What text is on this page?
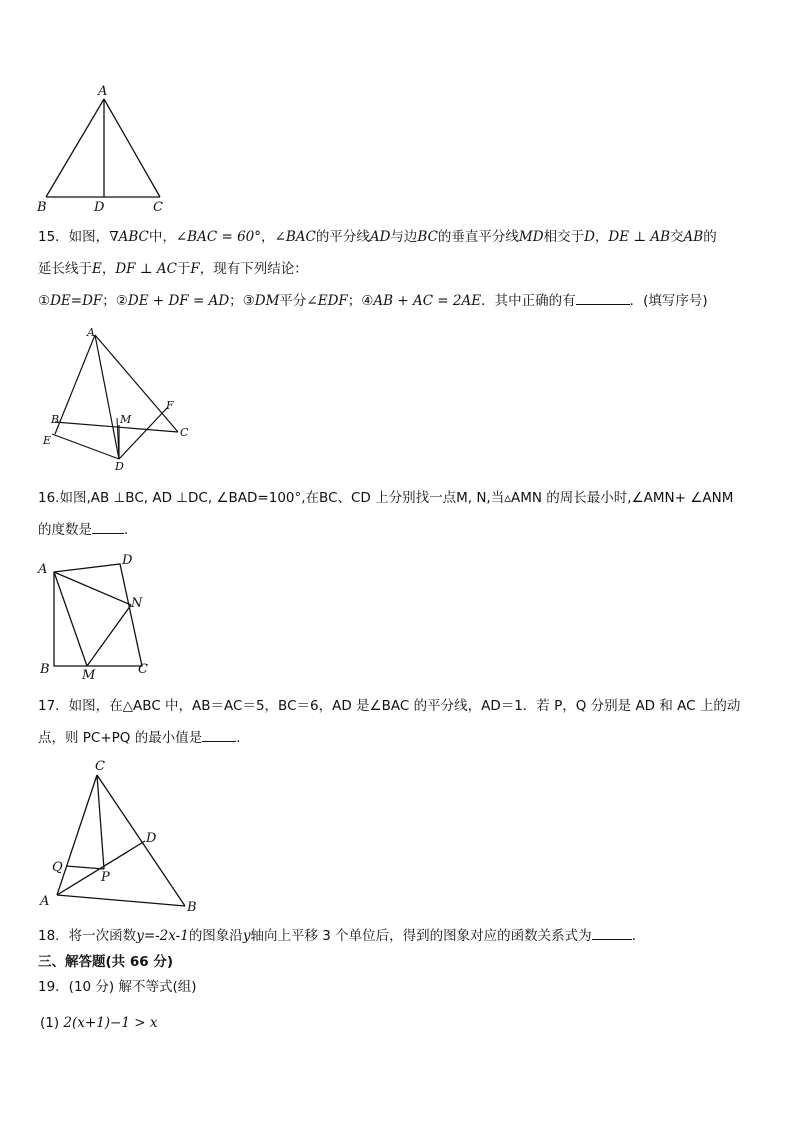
A
B	D	C
15．如图，∇ABC中，∠BAC = 60°，∠BAC的平分线AD与边BC的垂直平分线MD相交于D，DE ⊥ AB交AB的
延长线于E，DF ⊥ AC于F，现有下列结论：
①DE=DF；②DE + DF = AD；③DM平分∠EDF；④AB + AC = 2AE．其中正确的有	．(填写序号)
A
B	M
F
C
E
D
16.如图,AB ⊥BC, AD ⊥DC, ∠BAD=100°,在BC、CD 上分别找一点M, N,当▵AMN 的周长最小时,∠AMN+ ∠ANM
的度数是 .
A
D
N
B M	C
17．如图，在△ABC 中，AB＝AC＝5，BC＝6，AD 是∠BAC 的平分线，AD＝1．若 P，Q 分别是 AD 和 AC 上的动
点，则 PC+PQ 的最小值是	.
C
D
Q
P
A	B
18．将一次函数y=-2x-1的图象沿y轴向上平移 3 个单位后，得到的图象对应的函数关系式为	.
三、解答题(共 66 分)
19．(10 分) 解不等式(组)
(1) 2(x+1)−1 > x
